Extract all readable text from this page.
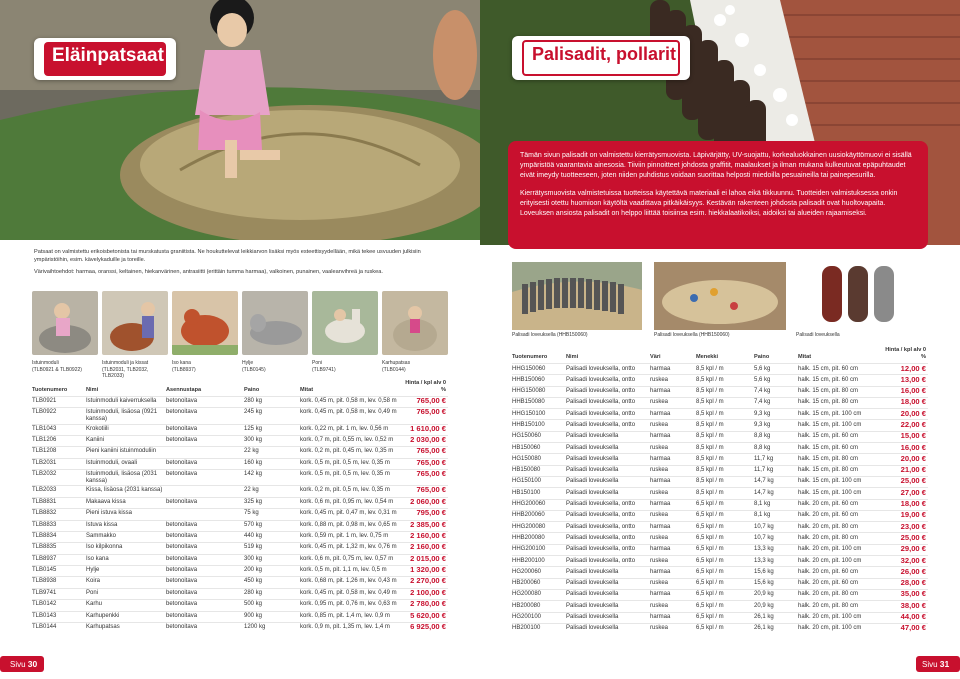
Eläinpatsaat

Patsaat on valmistettu erikoisbetonista tai murskatusta graniitista. Ne houkuttelevat leikkiarvon lisäksi myös esteettisyydellään, mikä tekee usvuuden julkisiin ympäristöihin, esim. kävelykaduille ja toreille.

Värivaihtoehdot: harmaa, oranssi, keltainen, hiekanvärinen, antrasiitti (erittäin tumma harmaa), valkoinen, punainen, vaaleanvihreä ja ruskea.

Istuinmoduli
(TLB0921 & TLB0922)
Istuinmoduli ja kissat
(TLB2031, TLB2032, TLB2033)
Iso kana
(TLB8937)
Hylje
(TLB0145)
Poni
(TLB9741)
Karhupatsas
(TLB0144)
Tuotenumero	Nimi	Asennustapa	Paino	Mitat	Hinta / kpl alv 0 %
TLB0921	Istuinmoduli kaiverruksella	betonoitava	280 kg	kork. 0,45 m, pit. 0,58 m, lev. 0,58 m	765,00 €
TLB0922	Istuinmoduli, lisäosa (0921 kanssa)	betonoitava	245 kg	kork. 0,45 m, pit. 0,58 m, lev. 0,49 m	765,00 €
TLB1043	Krokotiili	betonoitava	125 kg	kork. 0,22 m, pit. 1 m, lev. 0,56 m	1 610,00 €
TLB1206	Kaniini	betonoitava	300 kg	kork. 0,7 m, pit. 0,55 m, lev. 0,52 m	2 030,00 €
TLB1208	Pieni kaniini istuinmoduliin		22 kg	kork. 0,2 m, pit. 0,45 m, lev. 0,35 m	765,00 €
TLB2031	Istuinmoduli, ovaali	betonoitava	160 kg	kork. 0,5 m, pit. 0,5 m, lev. 0,35 m	765,00 €
TLB2032	Istuinmoduli, lisäosa (2031 kanssa)	betonoitava	142 kg	kork. 0,5 m, pit. 0,5 m, lev. 0,35 m	765,00 €
TLB2033	Kissa, lisäosa (2031 kanssa)		22 kg	kork. 0,2 m, pit. 0,5 m, lev. 0,35 m	765,00 €
TLB8831	Makaava kissa	betonoitava	325 kg	kork. 0,6 m, pit. 0,95 m, lev. 0,54 m	2 060,00 €
TLB8832	Pieni istuva kissa		75 kg	kork. 0,45 m, pit. 0,47 m, lev. 0,31 m	795,00 €
TLB8833	Istuva kissa	betonoitava	570 kg	kork. 0,88 m, pit. 0,98 m, lev. 0,65 m	2 385,00 €
TLB8834	Sammakko	betonoitava	440 kg	kork. 0,59 m, pit. 1 m, lev. 0,75 m	2 160,00 €
TLB8835	Iso kilpikonna	betonoitava	519 kg	kork. 0,45 m, pit. 1,32 m, lev. 0,76 m	2 160,00 €
TLB8937	Iso kana	betonoitava	300 kg	kork. 0,6 m, pit. 0,75 m, lev. 0,57 m	2 015,00 €
TLB0145	Hylje	betonoitava	200 kg	kork. 0,5 m, pit. 1,1 m, lev. 0,5 m	1 320,00 €
TLB8938	Koira	betonoitava	450 kg	kork. 0,68 m, pit. 1,26 m, lev. 0,43 m	2 270,00 €
TLB9741	Poni	betonoitava	280 kg	kork. 0,45 m, pit. 0,58 m, lev. 0,49 m	2 100,00 €
TLB0142	Karhu	betonoitava	500 kg	kork. 0,95 m, pit. 0,76 m, lev. 0,63 m	2 780,00 €
TLB0143	Karhupenkki	betonoitava	900 kg	kork. 0,85 m, pit. 1,4 m, lev. 0,9 m	5 620,00 €
TLB0144	Karhupatsas	betonoitava	1200 kg	kork. 0,9 m, pit. 1,35 m, lev. 1,4 m	6 925,00 €
Sivu 30
Palisadit, pollarit

Tämän sivun palisadit on valmistettu kierrätysmuovista. Läpivärjätty, UV-suojattu, korkealuokkainen uusiokäyttömuovi ei sisällä ympäristöä vaarantavia ainesosia. Tiiviin pinnoitteet johdosta graffitit, maalaukset ja ilman mukana kulkeutuvat epäpuhtaudet eivät imeydy tuotteeseen, joten niiden puhdistus voidaan suorittaa helposti miedoilla pesuaineilla tai painepesurilla.

Kierrätysmuovista valmistetuissa tuotteissa käytettävä materiaali ei lahoa eikä tikkuunnu. Tuotteiden valmistuksessa onkin erityisesti otettu huomioon käytöltä vaadittava pitkäikäisyys. Kestävän rakenteen johdosta palisadit ovat huoltovapaita. Loveuksen ansiosta palisadit on helppo liittää toisiinsa esim. hiekkalaatikoiksi, aidoiksi tai alueiden rajaamiseksi.

Palisadi loveuksella (HHB150060)	Palisadi loveuksella (HHB150060)	Palisadi loveuksella
Tuotenumero	Nimi	Väri	Menekki	Paino	Mitat	Hinta / kpl alv 0 %
HHG150060	Palisadi loveuksella, ontto	harmaa	8,5 kpl / m	5,6 kg	halk. 15 cm, pit. 60 cm	12,00 €
HHB150060	Palisadi loveuksella, ontto	ruskea	8,5 kpl / m	5,6 kg	halk. 15 cm, pit. 60 cm	13,00 €
HHG150080	Palisadi loveuksella, ontto	harmaa	8,5 kpl / m	7,4 kg	halk. 15 cm, pit. 80 cm	16,00 €
HHB150080	Palisadi loveuksella, ontto	ruskea	8,5 kpl / m	7,4 kg	halk. 15 cm, pit. 80 cm	18,00 €
HHG150100	Palisadi loveuksella, ontto	harmaa	8,5 kpl / m	9,3 kg	halk. 15 cm, pit. 100 cm	20,00 €
HHB150100	Palisadi loveuksella, ontto	ruskea	8,5 kpl / m	9,3 kg	halk. 15 cm, pit. 100 cm	22,00 €
HG150060	Palisadi loveuksella	harmaa	8,5 kpl / m	8,8 kg	halk. 15 cm, pit. 60 cm	15,00 €
HB150060	Palisadi loveuksella	ruskea	8,5 kpl / m	8,8 kg	halk. 15 cm, pit. 60 cm	16,00 €
HG150080	Palisadi loveuksella	harmaa	8,5 kpl / m	11,7 kg	halk. 15 cm, pit. 80 cm	20,00 €
HB150080	Palisadi loveuksella	ruskea	8,5 kpl / m	11,7 kg	halk. 15 cm, pit. 80 cm	21,00 €
HG150100	Palisadi loveuksella	harmaa	8,5 kpl / m	14,7 kg	halk. 15 cm, pit. 100 cm	25,00 €
HB150100	Palisadi loveuksella	ruskea	8,5 kpl / m	14,7 kg	halk. 15 cm, pit. 100 cm	27,00 €
HHG200060	Palisadi loveuksella, ontto	harmaa	6,5 kpl / m	8,1 kg	halk. 20 cm, pit. 60 cm	18,00 €
HHB200060	Palisadi loveuksella, ontto	ruskea	6,5 kpl / m	8,1 kg	halk. 20 cm, pit. 60 cm	19,00 €
HHG200080	Palisadi loveuksella, ontto	harmaa	6,5 kpl / m	10,7 kg	halk. 20 cm, pit. 80 cm	23,00 €
HHB200080	Palisadi loveuksella, ontto	ruskea	6,5 kpl / m	10,7 kg	halk. 20 cm, pit. 80 cm	25,00 €
HHG200100	Palisadi loveuksella, ontto	harmaa	6,5 kpl / m	13,3 kg	halk. 20 cm, pit. 100 cm	29,00 €
HHB200100	Palisadi loveuksella, ontto	ruskea	6,5 kpl / m	13,3 kg	halk. 20 cm, pit. 100 cm	32,00 €
HG200060	Palisadi loveuksella	harmaa	6,5 kpl / m	15,6 kg	halk. 20 cm, pit. 60 cm	26,00 €
HB200060	Palisadi loveuksella	ruskea	6,5 kpl / m	15,6 kg	halk. 20 cm, pit. 60 cm	28,00 €
HG200080	Palisadi loveuksella	harmaa	6,5 kpl / m	20,9 kg	halk. 20 cm, pit. 80 cm	35,00 €
HB200080	Palisadi loveuksella	ruskea	6,5 kpl / m	20,9 kg	halk. 20 cm, pit. 80 cm	38,00 €
HG200100	Palisadi loveuksella	harmaa	6,5 kpl / m	26,1 kg	halk. 20 cm, pit. 100 cm	44,00 €
HB200100	Palisadi loveuksella	ruskea	6,5 kpl / m	26,1 kg	halk. 20 cm, pit. 100 cm	47,00 €
Sivu 31
